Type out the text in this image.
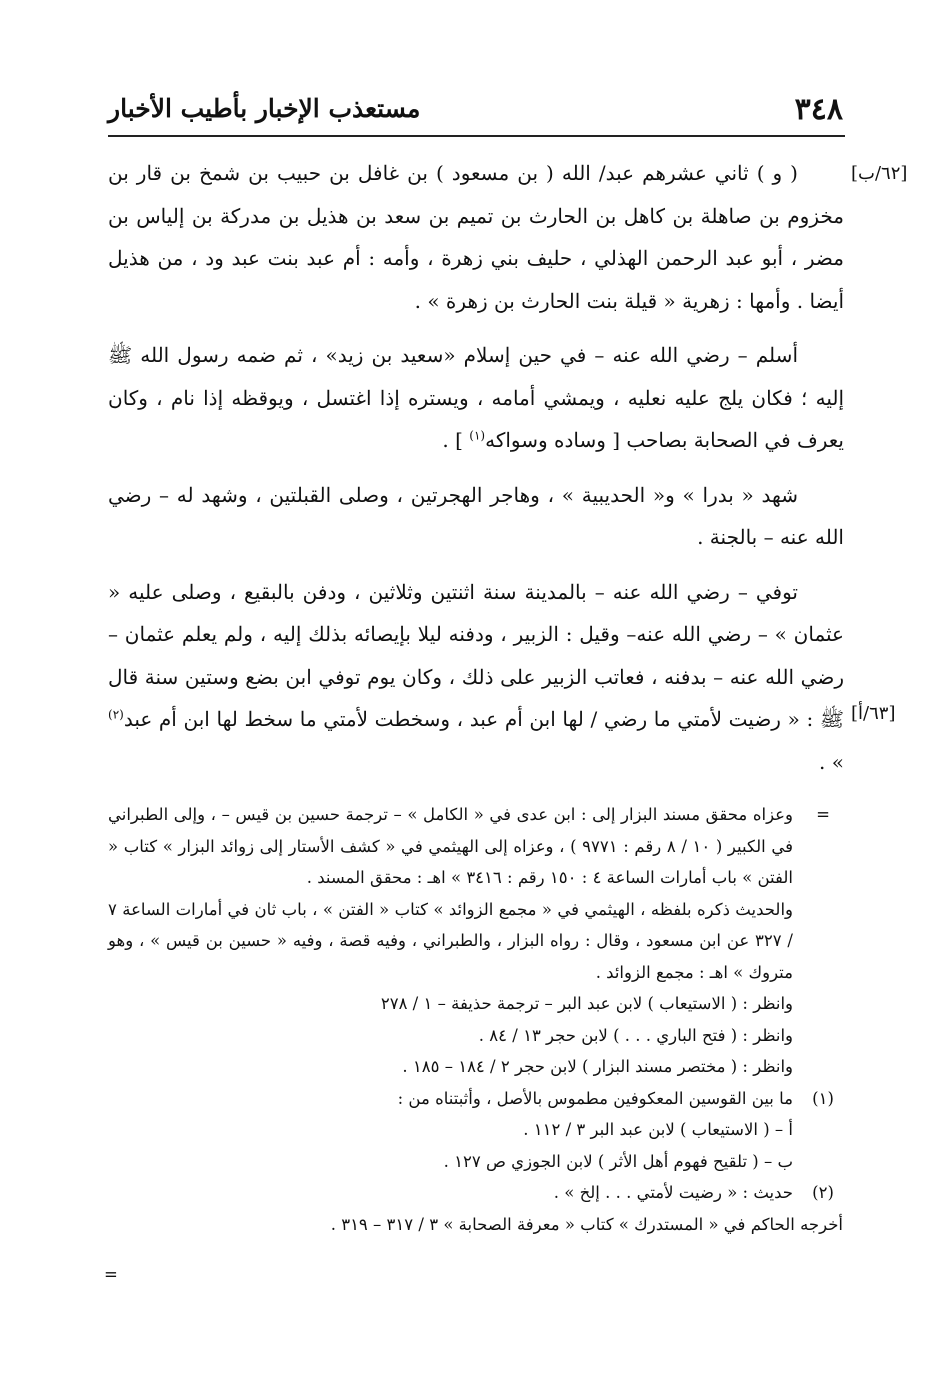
٣٤٨
مستعذب الإخبار بأطيب الأخبار
[٦٢/ب]
[٦٣/أ]

( و ) ثاني عشرهم عبد/ الله ( بن مسعود ) بن غافل بن حبيب بن شمخ بن قار بن مخزوم بن صاهلة بن كاهل بن الحارث بن تميم بن سعد بن هذيل بن مدركة بن إلياس بن مضر ، أبو عبد الرحمن الهذلي ، حليف بني زهرة ، وأمه : أم عبد بنت عبد ود ، من هذيل أيضا . وأمها : زهرية « قيلة بنت الحارث بن زهرة » .

أسلم – رضي الله عنه – في حين إسلام «سعيد بن زيد» ، ثم ضمه رسول الله ﷺ إليه ؛ فكان يلج عليه نعليه ، ويمشي أمامه ، ويستره إذا اغتسل ، ويوقظه إذا نام ، وكان يعرف في الصحابة بصاحب [ وساده وسواكه$^{(١)}$ ] .

شهد « بدرا » و« الحديبية » ، وهاجر الهجرتين ، وصلى القبلتين ، وشهد له – رضي الله عنه – بالجنة .

توفي – رضي الله عنه – بالمدينة سنة اثنتين وثلاثين ، ودفن بالبقيع ، وصلى عليه « عثمان » – رضي الله عنه– وقيل : الزبير ، ودفنه ليلا بإيصائه بذلك إليه ، ولم يعلم عثمان – رضي الله عنه – بدفنه ، فعاتب الزبير على ذلك ، وكان يوم توفي ابن بضع وستين سنة قال ﷺ : « رضيت لأمتي ما رضي / لها ابن أم عبد ، وسخطت لأمتي ما سخط لها ابن أم عبد$^{(٢)}$ » .

=
وعزاه محقق مسند البزار إلى : ابن عدى في « الكامل » – ترجمة حسين بن قيس – ، وإلى الطبراني في الكبير ( ١٠ / ٨ رقم : ٩٧٧١ ) ، وعزاه إلى الهيثمي في « كشف الأستار إلى زوائد البزار » كتاب « الفتن » باب أمارات الساعة ٤ : ١٥٠ رقم : ٣٤١٦ » اهـ : محقق المسند .
والحديث ذكره بلفظه ، الهيثمي في « مجمع الزوائد » كتاب « الفتن » ، باب ثان في أمارات الساعة ٧ / ٣٢٧ عن ابن مسعود ، وقال : رواه البزار ، والطبراني ، وفيه قصة ، وفيه « حسين بن قيس » ، وهو متروك » اهـ : مجمع الزوائد .
وانظر : ( الاستيعاب ) لابن عبد البر – ترجمة حذيفة – ١ / ٢٧٨
وانظر : ( فتح الباري . . . ) لابن حجر ١٣ / ٨٤ .
وانظر : ( مختصر مسند البزار ) لابن حجر ٢ / ١٨٤ – ١٨٥ .
(١)
ما بين القوسين المعكوفين مطموس بالأصل ، وأثبتناه من :
أ – ( الاستيعاب ) لابن عبد البر ٣ / ١١٢ .
ب – ( تلقيح فهوم أهل الأثر ) لابن الجوزي ص ١٢٧ .
(٢)
حديث : « رضيت لأمتي . . . إلخ » .
أخرجه الحاكم في « المستدرك » كتاب « معرفة الصحابة » ٣ / ٣١٧ – ٣١٩ .
=
